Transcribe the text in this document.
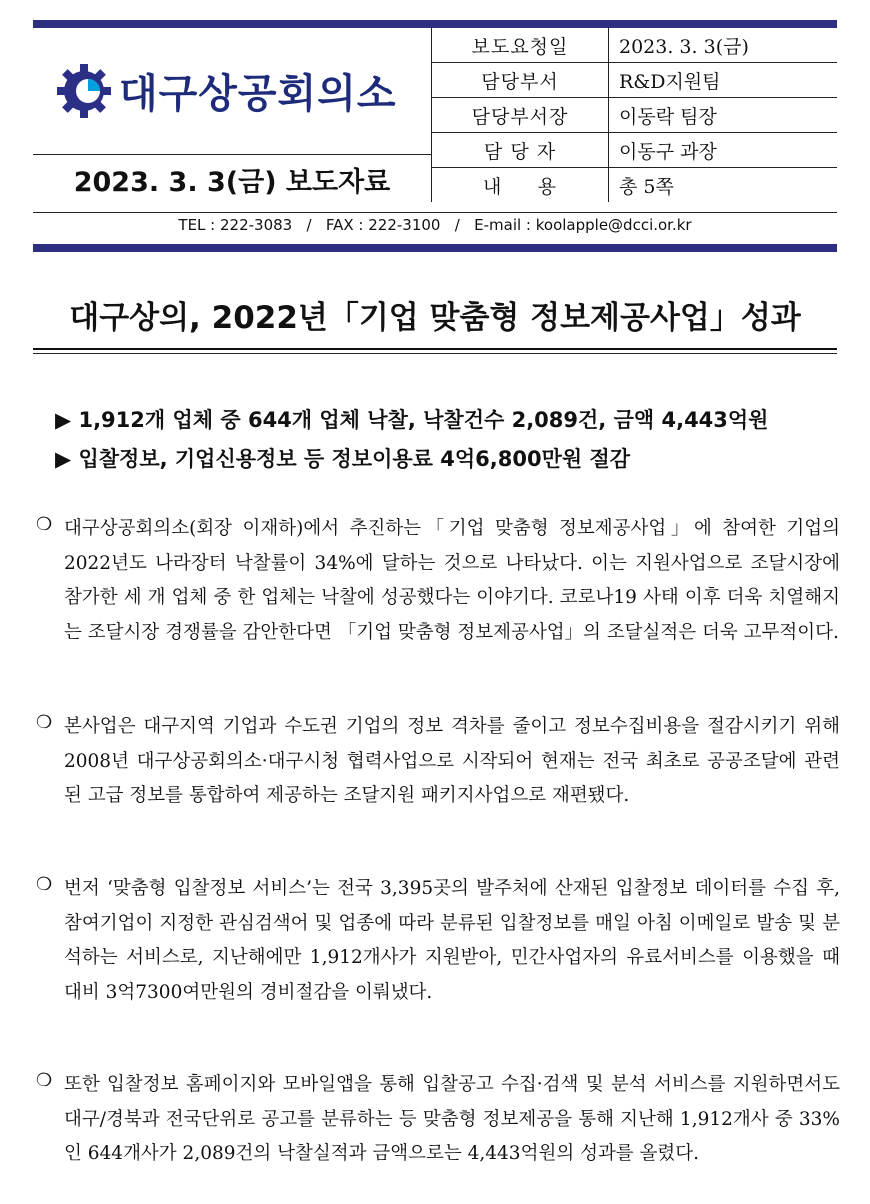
대구상공회의소
2023. 3. 3(금) 보도자료
보도요청일	2023. 3. 3(금)
담당부서	R&D지원팀
담당부서장	이동락 팀장
담 당 자	이동구 과장
내     용	총 5쪽
TEL : 222-3083   /   FAX : 222-3100   /   E-mail : koolapple@dcci.or.kr
대구상의, 2022년「기업 맞춤형 정보제공사업」성과
▶ 1,912개 업체 중 644개 업체 낙찰, 낙찰건수 2,089건, 금액 4,443억원
▶ 입찰정보, 기업신용정보 등 정보이용료 4억6,800만원 절감
❍ 대구상공회의소(회장 이재하)에서 추진하는「기업 맞춤형 정보제공사업」에 참여한 기업의 2022년도 나라장터 낙찰률이 34%에 달하는 것으로 나타났다. 이는 지원사업으로 조달시장에 참가한 세 개 업체 중 한 업체는 낙찰에 성공했다는 이야기다. 코로나19 사태 이후 더욱 치열해지는 조달시장 경쟁률을 감안한다면 「기업 맞춤형 정보제공사업」의 조달실적은 더욱 고무적이다.
❍ 본사업은 대구지역 기업과 수도권 기업의 정보 격차를 줄이고 정보수집비용을 절감시키기 위해 2008년 대구상공회의소·대구시청 협력사업으로 시작되어 현재는 전국 최초로 공공조달에 관련된 고급 정보를 통합하여 제공하는 조달지원 패키지사업으로 재편됐다.
❍ 번저 ‘맞춤형 입찰정보 서비스’는 전국 3,395곳의 발주처에 산재된 입찰정보 데이터를 수집 후, 참여기업이 지정한 관심검색어 및 업종에 따라 분류된 입찰정보를 매일 아침 이메일로 발송 및 분석하는 서비스로, 지난해에만 1,912개사가 지원받아, 민간사업자의 유료서비스를 이용했을 때 대비 3억7300여만원의 경비절감을 이뤄냈다.
❍ 또한 입찰정보 홈페이지와 모바일앱을 통해 입찰공고 수집·검색 및 분석 서비스를 지원하면서도 대구/경북과 전국단위로 공고를 분류하는 등 맞춤형 정보제공을 통해 지난해 1,912개사 중 33%인 644개사가 2,089건의 낙찰실적과 금액으로는 4,443억원의 성과를 올렸다.
